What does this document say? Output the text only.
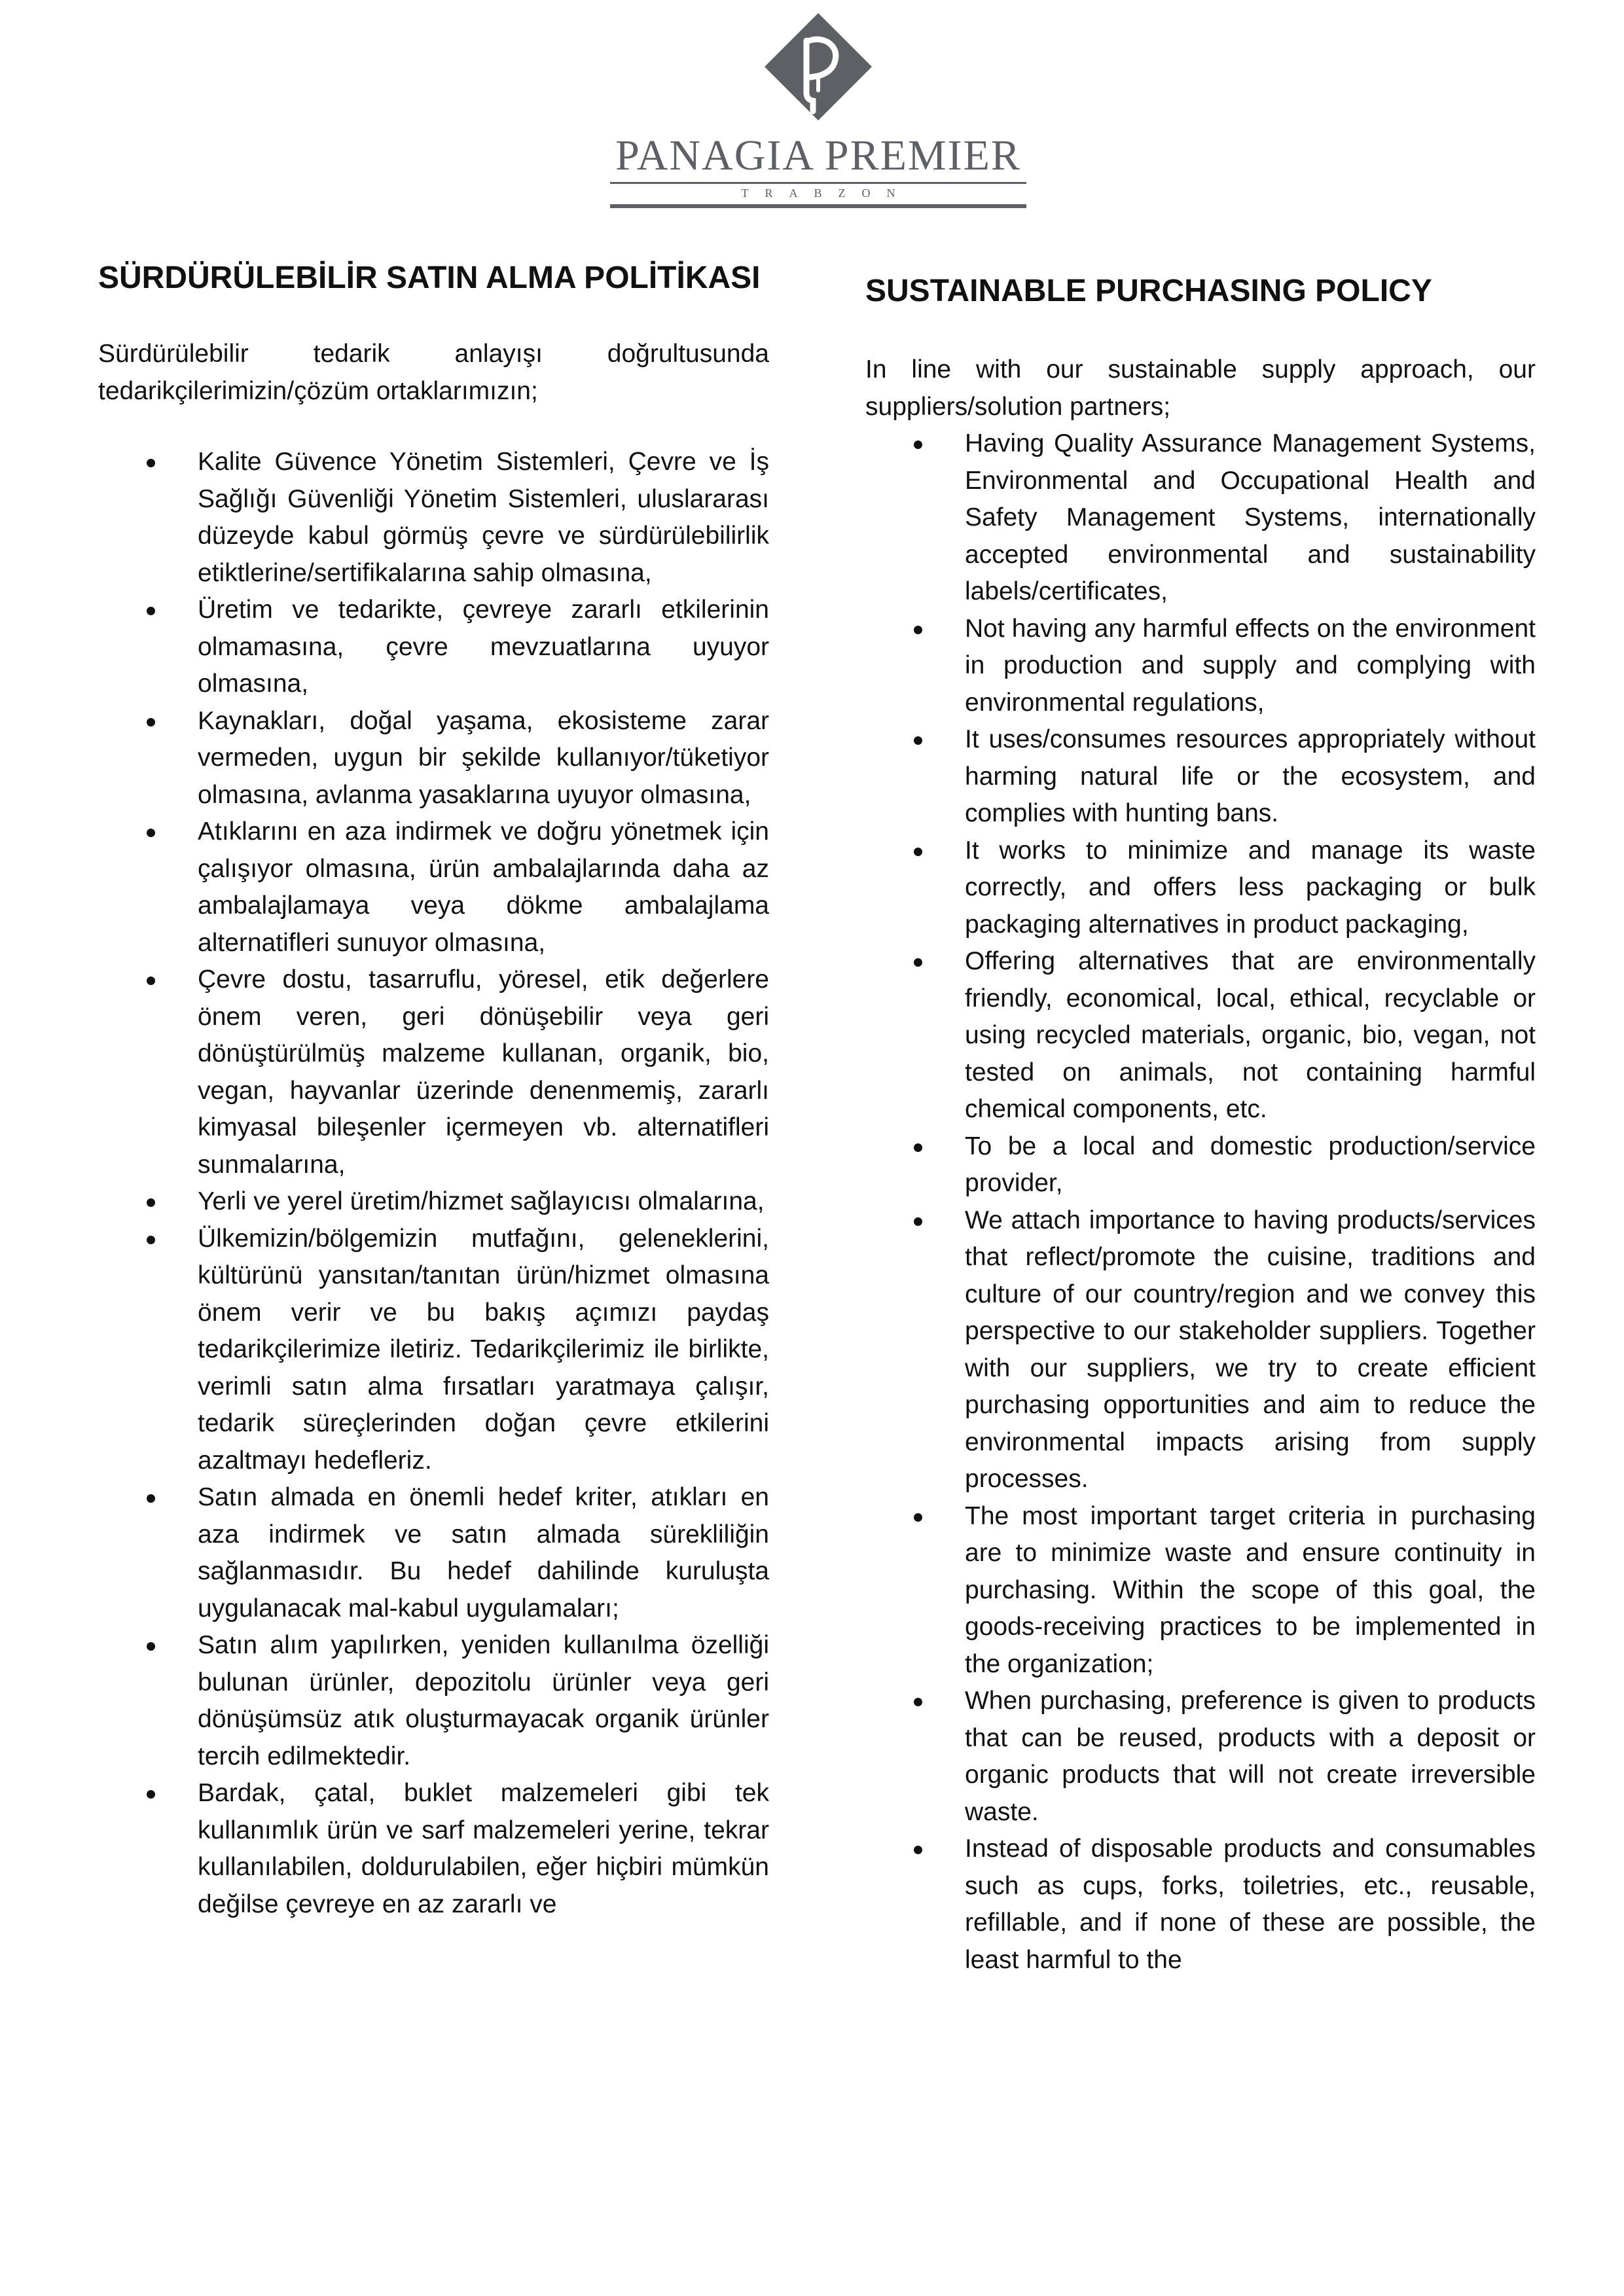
PANAGIA PREMIER
TRABZON
SÜRDÜRÜLEBİLİR SATIN ALMA POLİTİKASI

Sürdürülebilir tedarik anlayışı doğrultusunda tedarikçilerimizin/çözüm ortaklarımızın;

Kalite Güvence Yönetim Sistemleri, Çevre ve İş Sağlığı Güvenliği Yönetim Sistemleri, uluslararası düzeyde kabul görmüş çevre ve sürdürülebilirlik etiktlerine/sertifikalarına sahip olmasına,
Üretim ve tedarikte, çevreye zararlı etkilerinin olmamasına, çevre mevzuatlarına uyuyor olmasına,
Kaynakları, doğal yaşama, ekosisteme zarar vermeden, uygun bir şekilde kullanıyor/tüketiyor olmasına, avlanma yasaklarına uyuyor olmasına,
Atıklarını en aza indirmek ve doğru yönetmek için çalışıyor olmasına, ürün ambalajlarında daha az ambalajlamaya veya dökme ambalajlama alternatifleri sunuyor olmasına,
Çevre dostu, tasarruflu, yöresel, etik değerlere önem veren, geri dönüşebilir veya geri dönüştürülmüş malzeme kullanan, organik, bio, vegan, hayvanlar üzerinde denenmemiş, zararlı kimyasal bileşenler içermeyen vb. alternatifleri sunmalarına,
Yerli ve yerel üretim/hizmet sağlayıcısı olmalarına,
Ülkemizin/bölgemizin mutfağını, geleneklerini, kültürünü yansıtan/tanıtan ürün/hizmet olmasına önem verir ve bu bakış açımızı paydaş tedarikçilerimize iletiriz. Tedarikçilerimiz ile birlikte, verimli satın alma fırsatları yaratmaya çalışır, tedarik süreçlerinden doğan çevre etkilerini azaltmayı hedefleriz.
Satın almada en önemli hedef kriter, atıkları en aza indirmek ve satın almada sürekliliğin sağlanmasıdır. Bu hedef dahilinde kuruluşta uygulanacak mal-kabul uygulamaları;
Satın alım yapılırken, yeniden kullanılma özelliği bulunan ürünler, depozitolu ürünler veya geri dönüşümsüz atık oluşturmayacak organik ürünler tercih edilmektedir.
Bardak, çatal, buklet malzemeleri gibi tek kullanımlık ürün ve sarf malzemeleri yerine, tekrar kullanılabilen, doldurulabilen, eğer hiçbiri mümkün değilse çevreye en az zararlı ve
SUSTAINABLE PURCHASING POLICY

In line with our sustainable supply approach, our suppliers/solution partners;

Having Quality Assurance Management Systems, Environmental and Occupational Health and Safety Management Systems, internationally accepted environmental and sustainability labels/certificates,
Not having any harmful effects on the environment in production and supply and complying with environmental regulations,
It uses/consumes resources appropriately without harming natural life or the ecosystem, and complies with hunting bans.
It works to minimize and manage its waste correctly, and offers less packaging or bulk packaging alternatives in product packaging,
Offering alternatives that are environmentally friendly, economical, local, ethical, recyclable or using recycled materials, organic, bio, vegan, not tested on animals, not containing harmful chemical components, etc.
To be a local and domestic production/service provider,
We attach importance to having products/services that reflect/promote the cuisine, traditions and culture of our country/region and we convey this perspective to our stakeholder suppliers. Together with our suppliers, we try to create efficient purchasing opportunities and aim to reduce the environmental impacts arising from supply processes.
The most important target criteria in purchasing are to minimize waste and ensure continuity in purchasing. Within the scope of this goal, the goods-receiving practices to be implemented in the organization;
When purchasing, preference is given to products that can be reused, products with a deposit or organic products that will not create irreversible waste.
Instead of disposable products and consumables such as cups, forks, toiletries, etc., reusable, refillable, and if none of these are possible, the least harmful to the
